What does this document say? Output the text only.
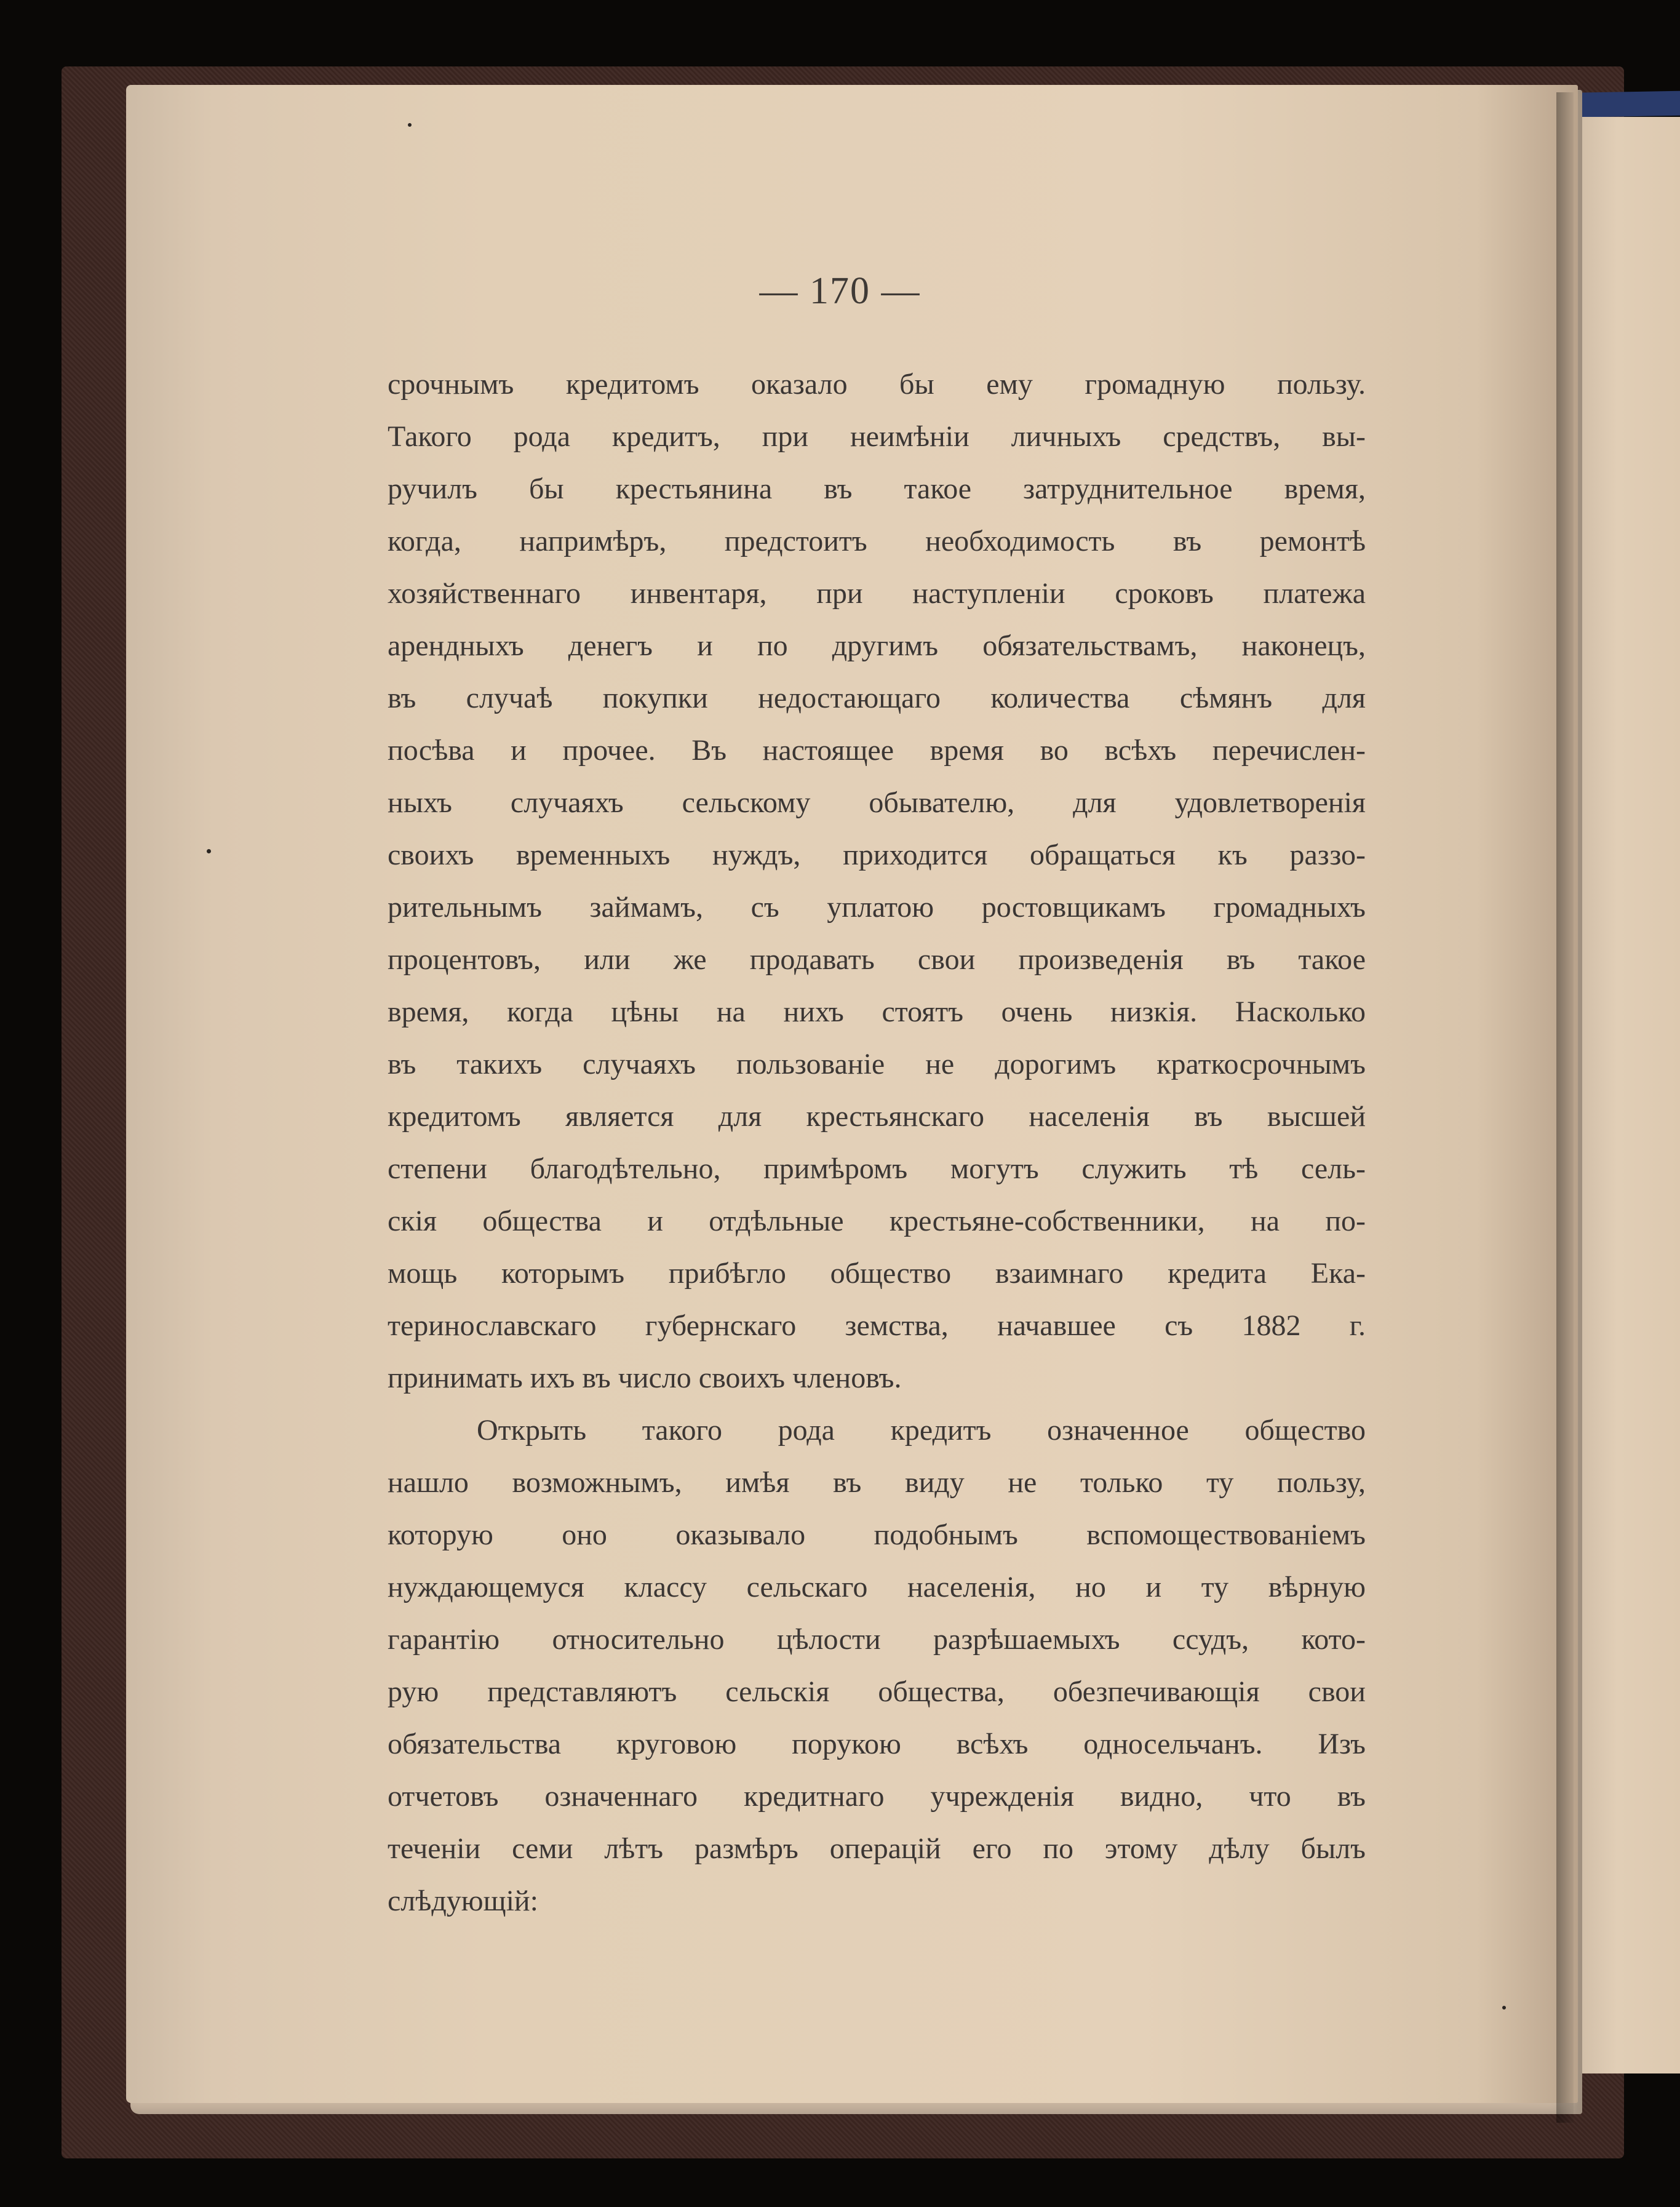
— 170 —
срочнымъ кредитомъ оказало бы ему громадную пользу.
Такого рода кредитъ, при неимѣніи личныхъ средствъ, вы-
ручилъ бы крестьянина въ такое затруднительное время,
когда, напримѣръ, предстоитъ необходимость въ ремонтѣ
хозяйственнаго инвентаря, при наступленіи сроковъ платежа
арендныхъ денегъ и по другимъ обязательствамъ, наконецъ,
въ случаѣ покупки недостающаго количества сѣмянъ для
посѣва и прочее. Въ настоящее время во всѣхъ перечислен-
ныхъ случаяхъ сельскому обывателю, для удовлетворенія
своихъ временныхъ нуждъ, приходится обращаться къ раззо-
рительнымъ займамъ, съ уплатою ростовщикамъ громадныхъ
процентовъ, или же продавать свои произведенія въ такое
время, когда цѣны на нихъ стоятъ очень низкія. Насколько
въ такихъ случаяхъ пользованіе не дорогимъ краткосрочнымъ
кредитомъ является для крестьянскаго населенія въ высшей
степени благодѣтельно, примѣромъ могутъ служить тѣ сель-
скія общества и отдѣльные крестьяне-собственники, на по-
мощь которымъ прибѣгло общество взаимнаго кредита Ека-
теринославскаго губернскаго земства, начавшее съ 1882 г.
принимать ихъ въ число своихъ членовъ.
Открыть такого рода кредитъ означенное общество
нашло возможнымъ, имѣя въ виду не только ту пользу,
которую оно оказывало подобнымъ вспомоществованіемъ
нуждающемуся классу сельскаго населенія, но и ту вѣрную
гарантію относительно цѣлости разрѣшаемыхъ ссудъ, кото-
рую представляютъ сельскія общества, обезпечивающія свои
обязательства круговою порукою всѣхъ односельчанъ. Изъ
отчетовъ означеннаго кредитнаго учрежденія видно, что въ
теченіи семи лѣтъ размѣръ операцій его по этому дѣлу былъ
слѣдующій:
